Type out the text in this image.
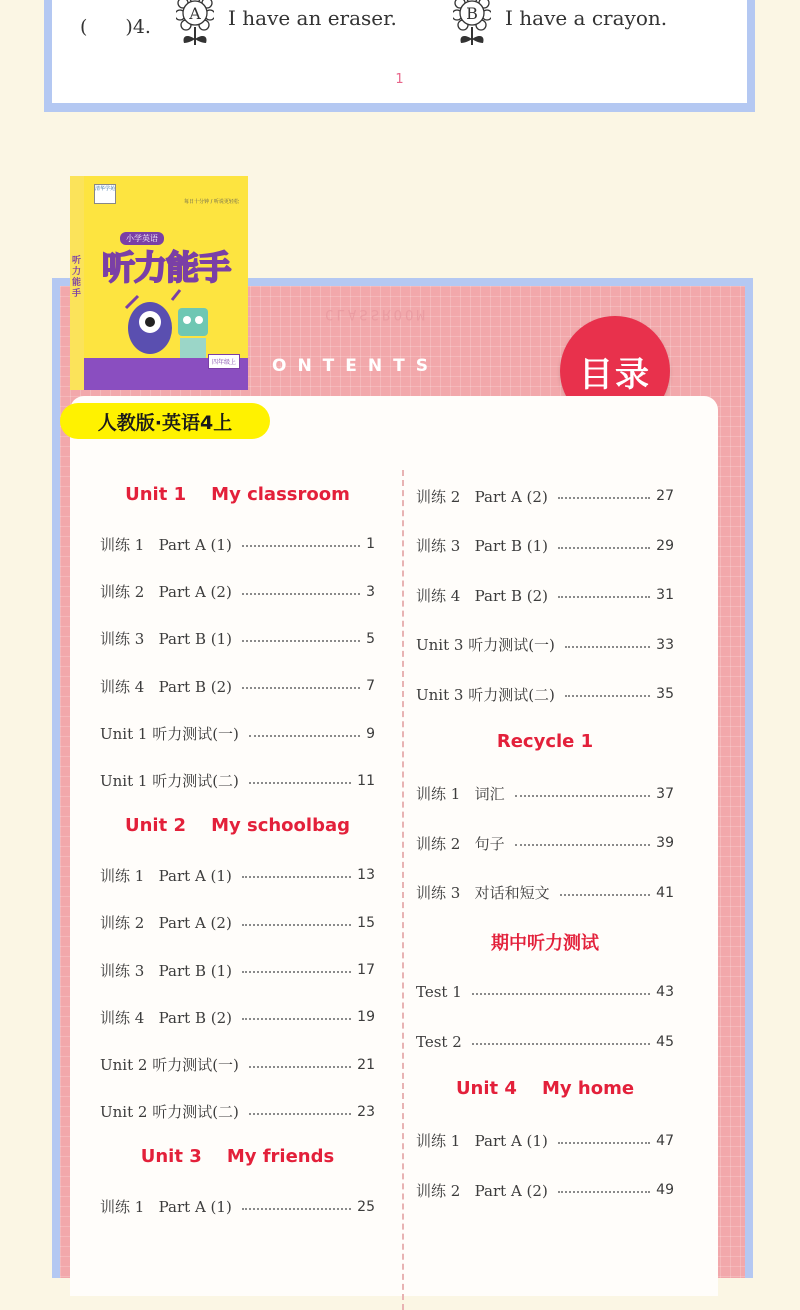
(　　)4.
A I have an eraser.	B I have a crayon.
1
CLASSROOM
ONTENTS	目录
Unit 1    My classroom
训练 1   Part A (1)	1
训练 2   Part A (2)	3
训练 3   Part B (1)	5
训练 4   Part B (2)	7
Unit 1 听力测试(一)	9
Unit 1 听力测试(二)	11
Unit 2    My schoolbag
训练 1   Part A (1)	13
训练 2   Part A (2)	15
训练 3   Part B (1)	17
训练 4   Part B (2)	19
Unit 2 听力测试(一)	21
Unit 2 听力测试(二)	23
Unit 3    My friends
训练 1   Part A (1)	25
训练 2   Part A (2)	27
训练 3   Part B (1)	29
训练 4   Part B (2)	31
Unit 3 听力测试(一)	33
Unit 3 听力测试(二)	35
Recycle 1
训练 1   词汇	37
训练 2   句子	39
训练 3   对话和短文	41
期中听力测试
Test 1	43
Test 2	45
Unit 4    My home
训练 1   Part A (1)	47
训练 2   Part A (2)	49
听力能手
清华学苑
每日十分钟 / 听说更轻松
小学英语
听力能手
四年级上
人教版·英语4上
